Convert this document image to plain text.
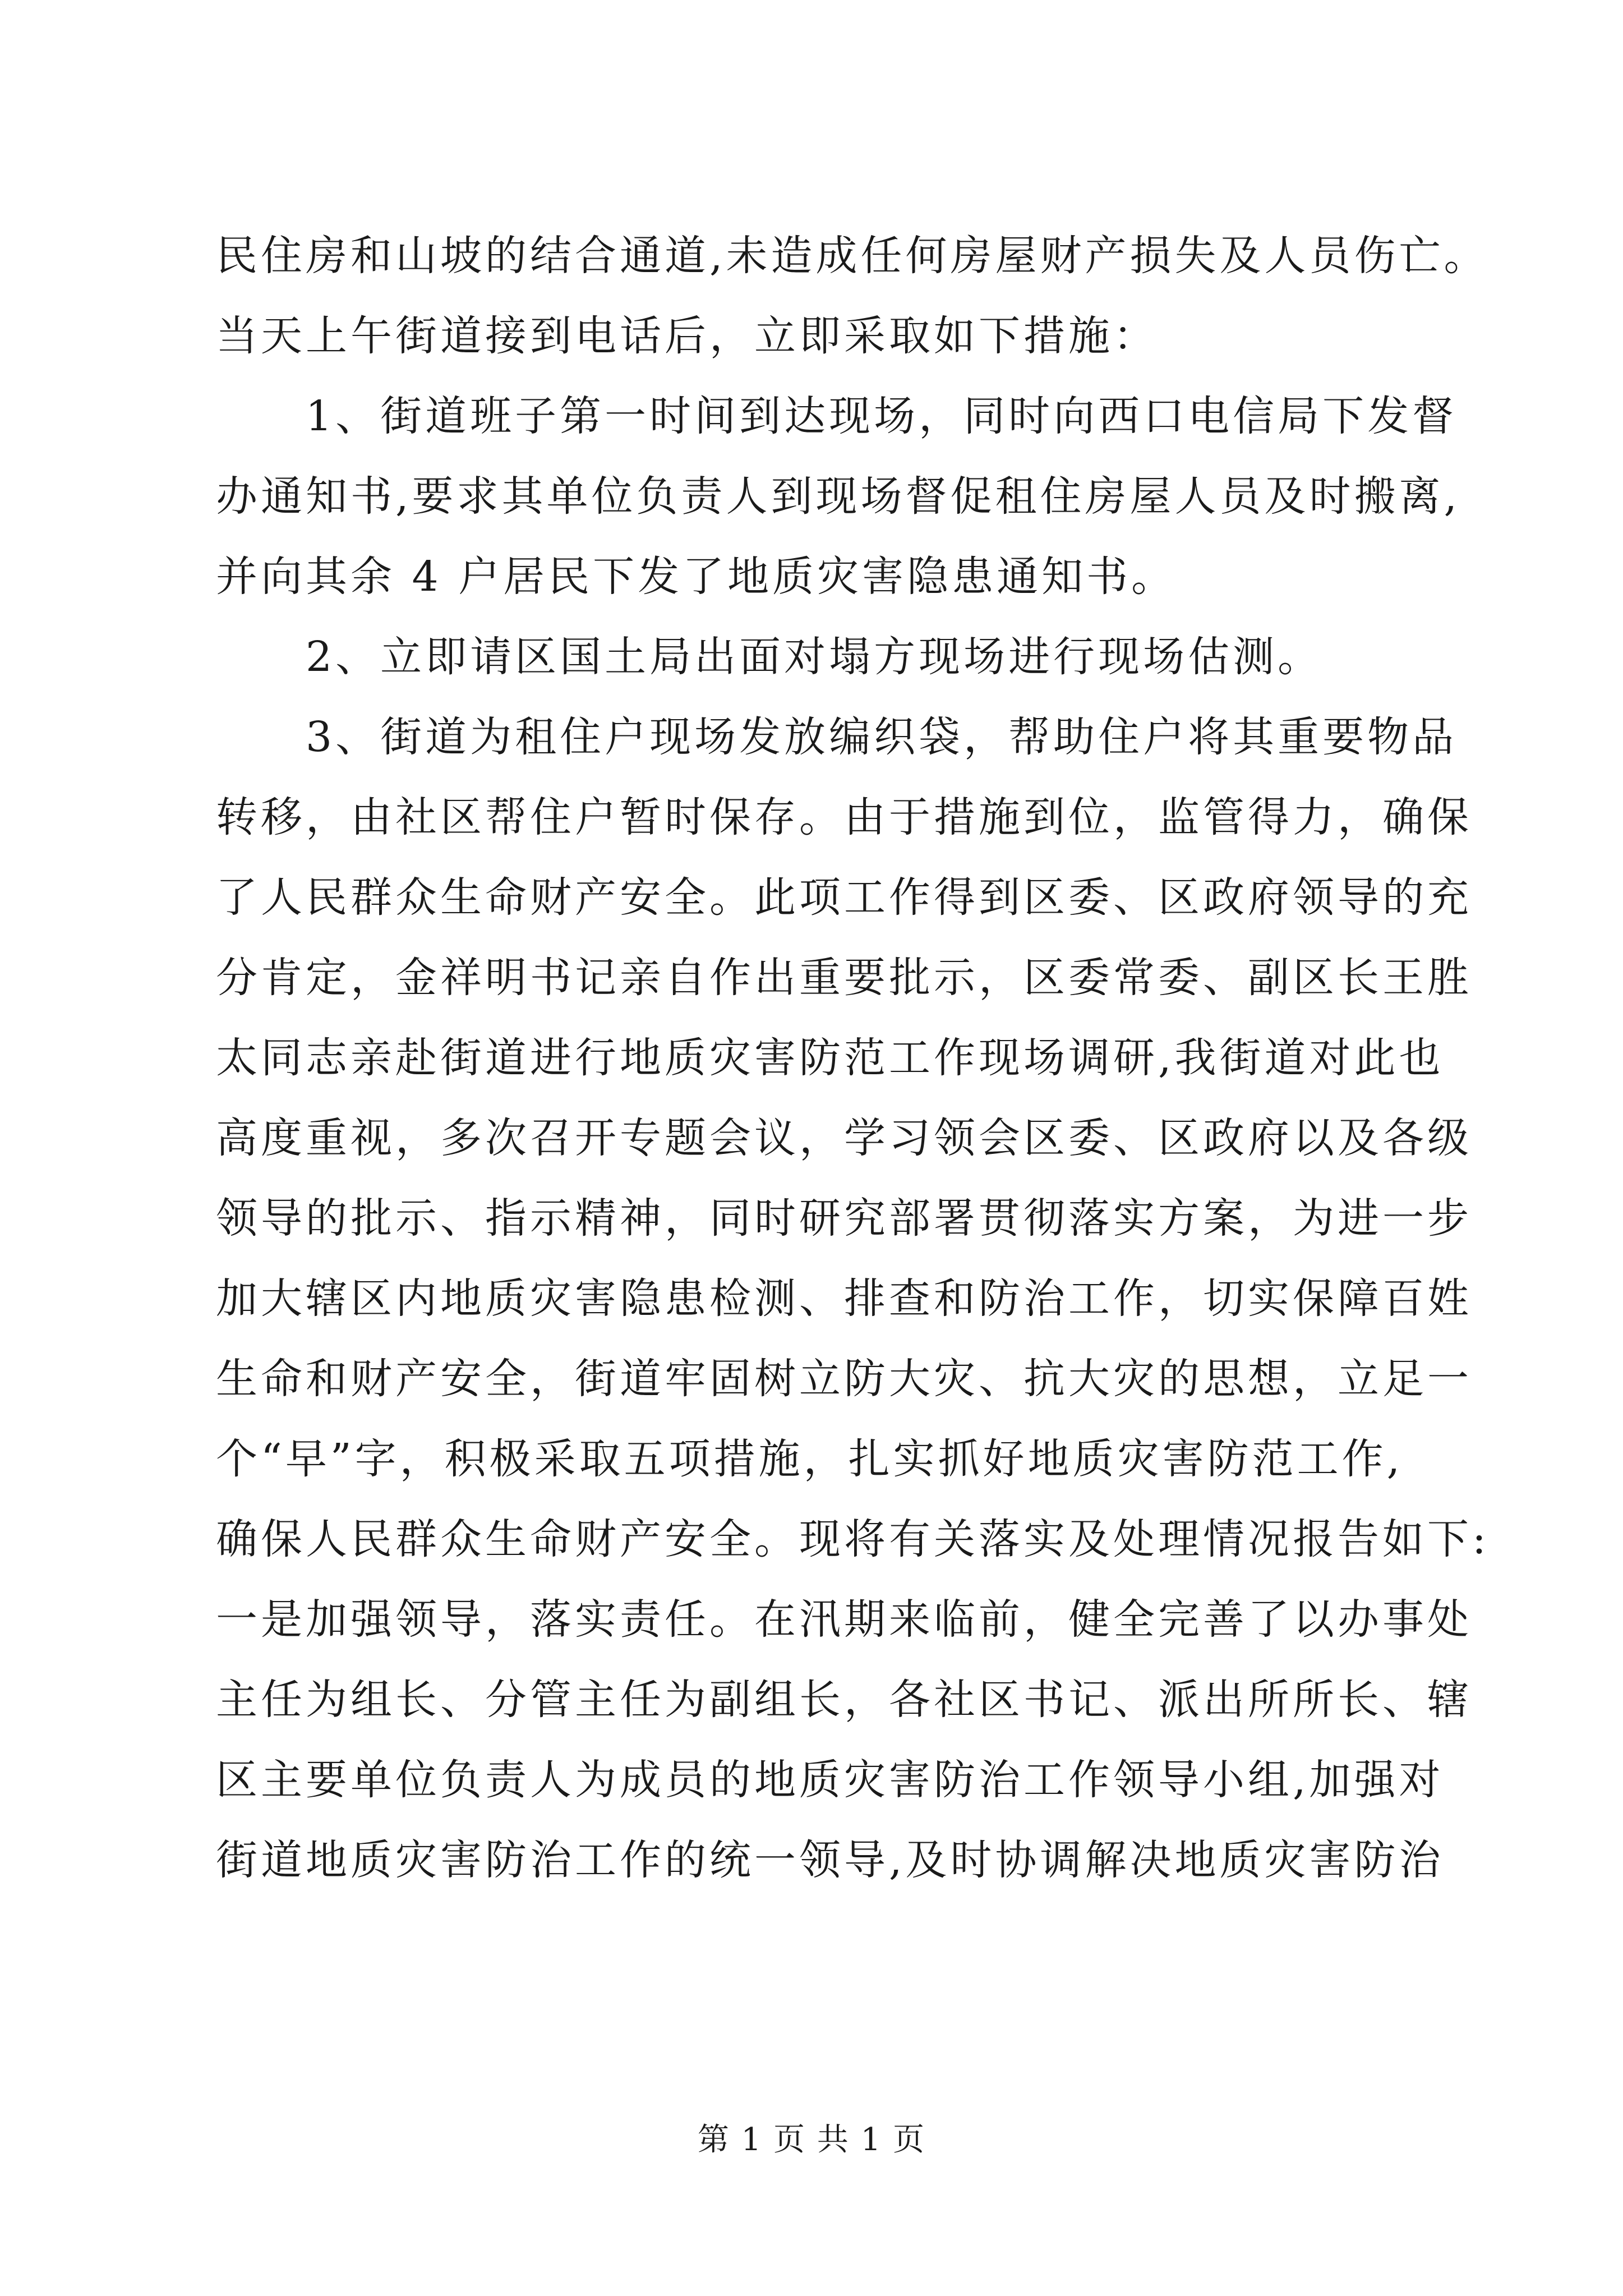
民住房和山坡的结合通道,未造成任何房屋财产损失及人员伤亡。
当天上午街道接到电话后，立即采取如下措施：
1、街道班子第一时间到达现场，同时向西口电信局下发督
办通知书,要求其单位负责人到现场督促租住房屋人员及时搬离,
并向其余 4 户居民下发了地质灾害隐患通知书。
2、立即请区国土局出面对塌方现场进行现场估测。
3、街道为租住户现场发放编织袋，帮助住户将其重要物品
转移，由社区帮住户暂时保存。由于措施到位，监管得力，确保
了人民群众生命财产安全。此项工作得到区委、区政府领导的充
分肯定，金祥明书记亲自作出重要批示，区委常委、副区长王胜
太同志亲赴街道进行地质灾害防范工作现场调研,我街道对此也
高度重视，多次召开专题会议，学习领会区委、区政府以及各级
领导的批示、指示精神，同时研究部署贯彻落实方案，为进一步
加大辖区内地质灾害隐患检测、排查和防治工作，切实保障百姓
生命和财产安全，街道牢固树立防大灾、抗大灾的思想，立足一
个“早”字，积极采取五项措施，扎实抓好地质灾害防范工作,
确保人民群众生命财产安全。现将有关落实及处理情况报告如下:
一是加强领导，落实责任。在汛期来临前，健全完善了以办事处
主任为组长、分管主任为副组长，各社区书记、派出所所长、辖
区主要单位负责人为成员的地质灾害防治工作领导小组,加强对
街道地质灾害防治工作的统一领导,及时协调解决地质灾害防治
第 1 页 共 1 页
